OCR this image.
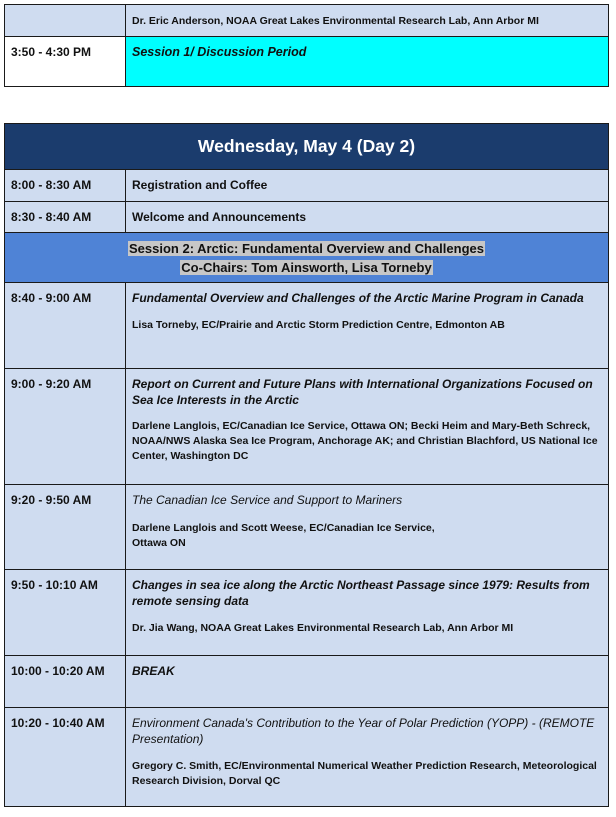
	Dr. Eric Anderson, NOAA Great Lakes Environmental Research Lab, Ann Arbor MI
3:50 - 4:30 PM	Session 1/ Discussion Period
Wednesday, May 4 (Day 2)	
8:00 - 8:30 AM	Registration and Coffee
8:30 - 8:40 AM	Welcome and Announcements
Session 2: Arctic: Fundamental Overview and Challenges
Co-Chairs: Tom Ainsworth, Lisa Torneby	
8:40 - 9:00 AM	Fundamental Overview and Challenges of the Arctic Marine Program in Canada
Lisa Torneby, EC/Prairie and Arctic Storm Prediction Centre, Edmonton AB

9:00 - 9:20 AM	Report on Current and Future Plans with International Organizations Focused on Sea Ice Interests in the Arctic
Darlene Langlois, EC/Canadian Ice Service, Ottawa ON; Becki Heim and Mary-Beth Schreck, NOAA/NWS Alaska Sea Ice Program, Anchorage AK; and Christian Blachford, US National Ice Center, Washington DC

9:20 - 9:50 AM	The Canadian Ice Service and Support to Mariners
Darlene Langlois and Scott Weese, EC/Canadian Ice Service,
Ottawa ON

9:50 - 10:10 AM	Changes in sea ice along the Arctic Northeast Passage since 1979: Results from remote sensing data
Dr. Jia Wang, NOAA Great Lakes Environmental Research Lab, Ann Arbor MI

10:00 - 10:20 AM	BREAK

10:20 - 10:40 AM	Environment Canada's Contribution to the Year of Polar Prediction (YOPP) - (REMOTE Presentation)
Gregory C. Smith, EC/Environmental Numerical Weather Prediction Research, Meteorological Research Division, Dorval QC
